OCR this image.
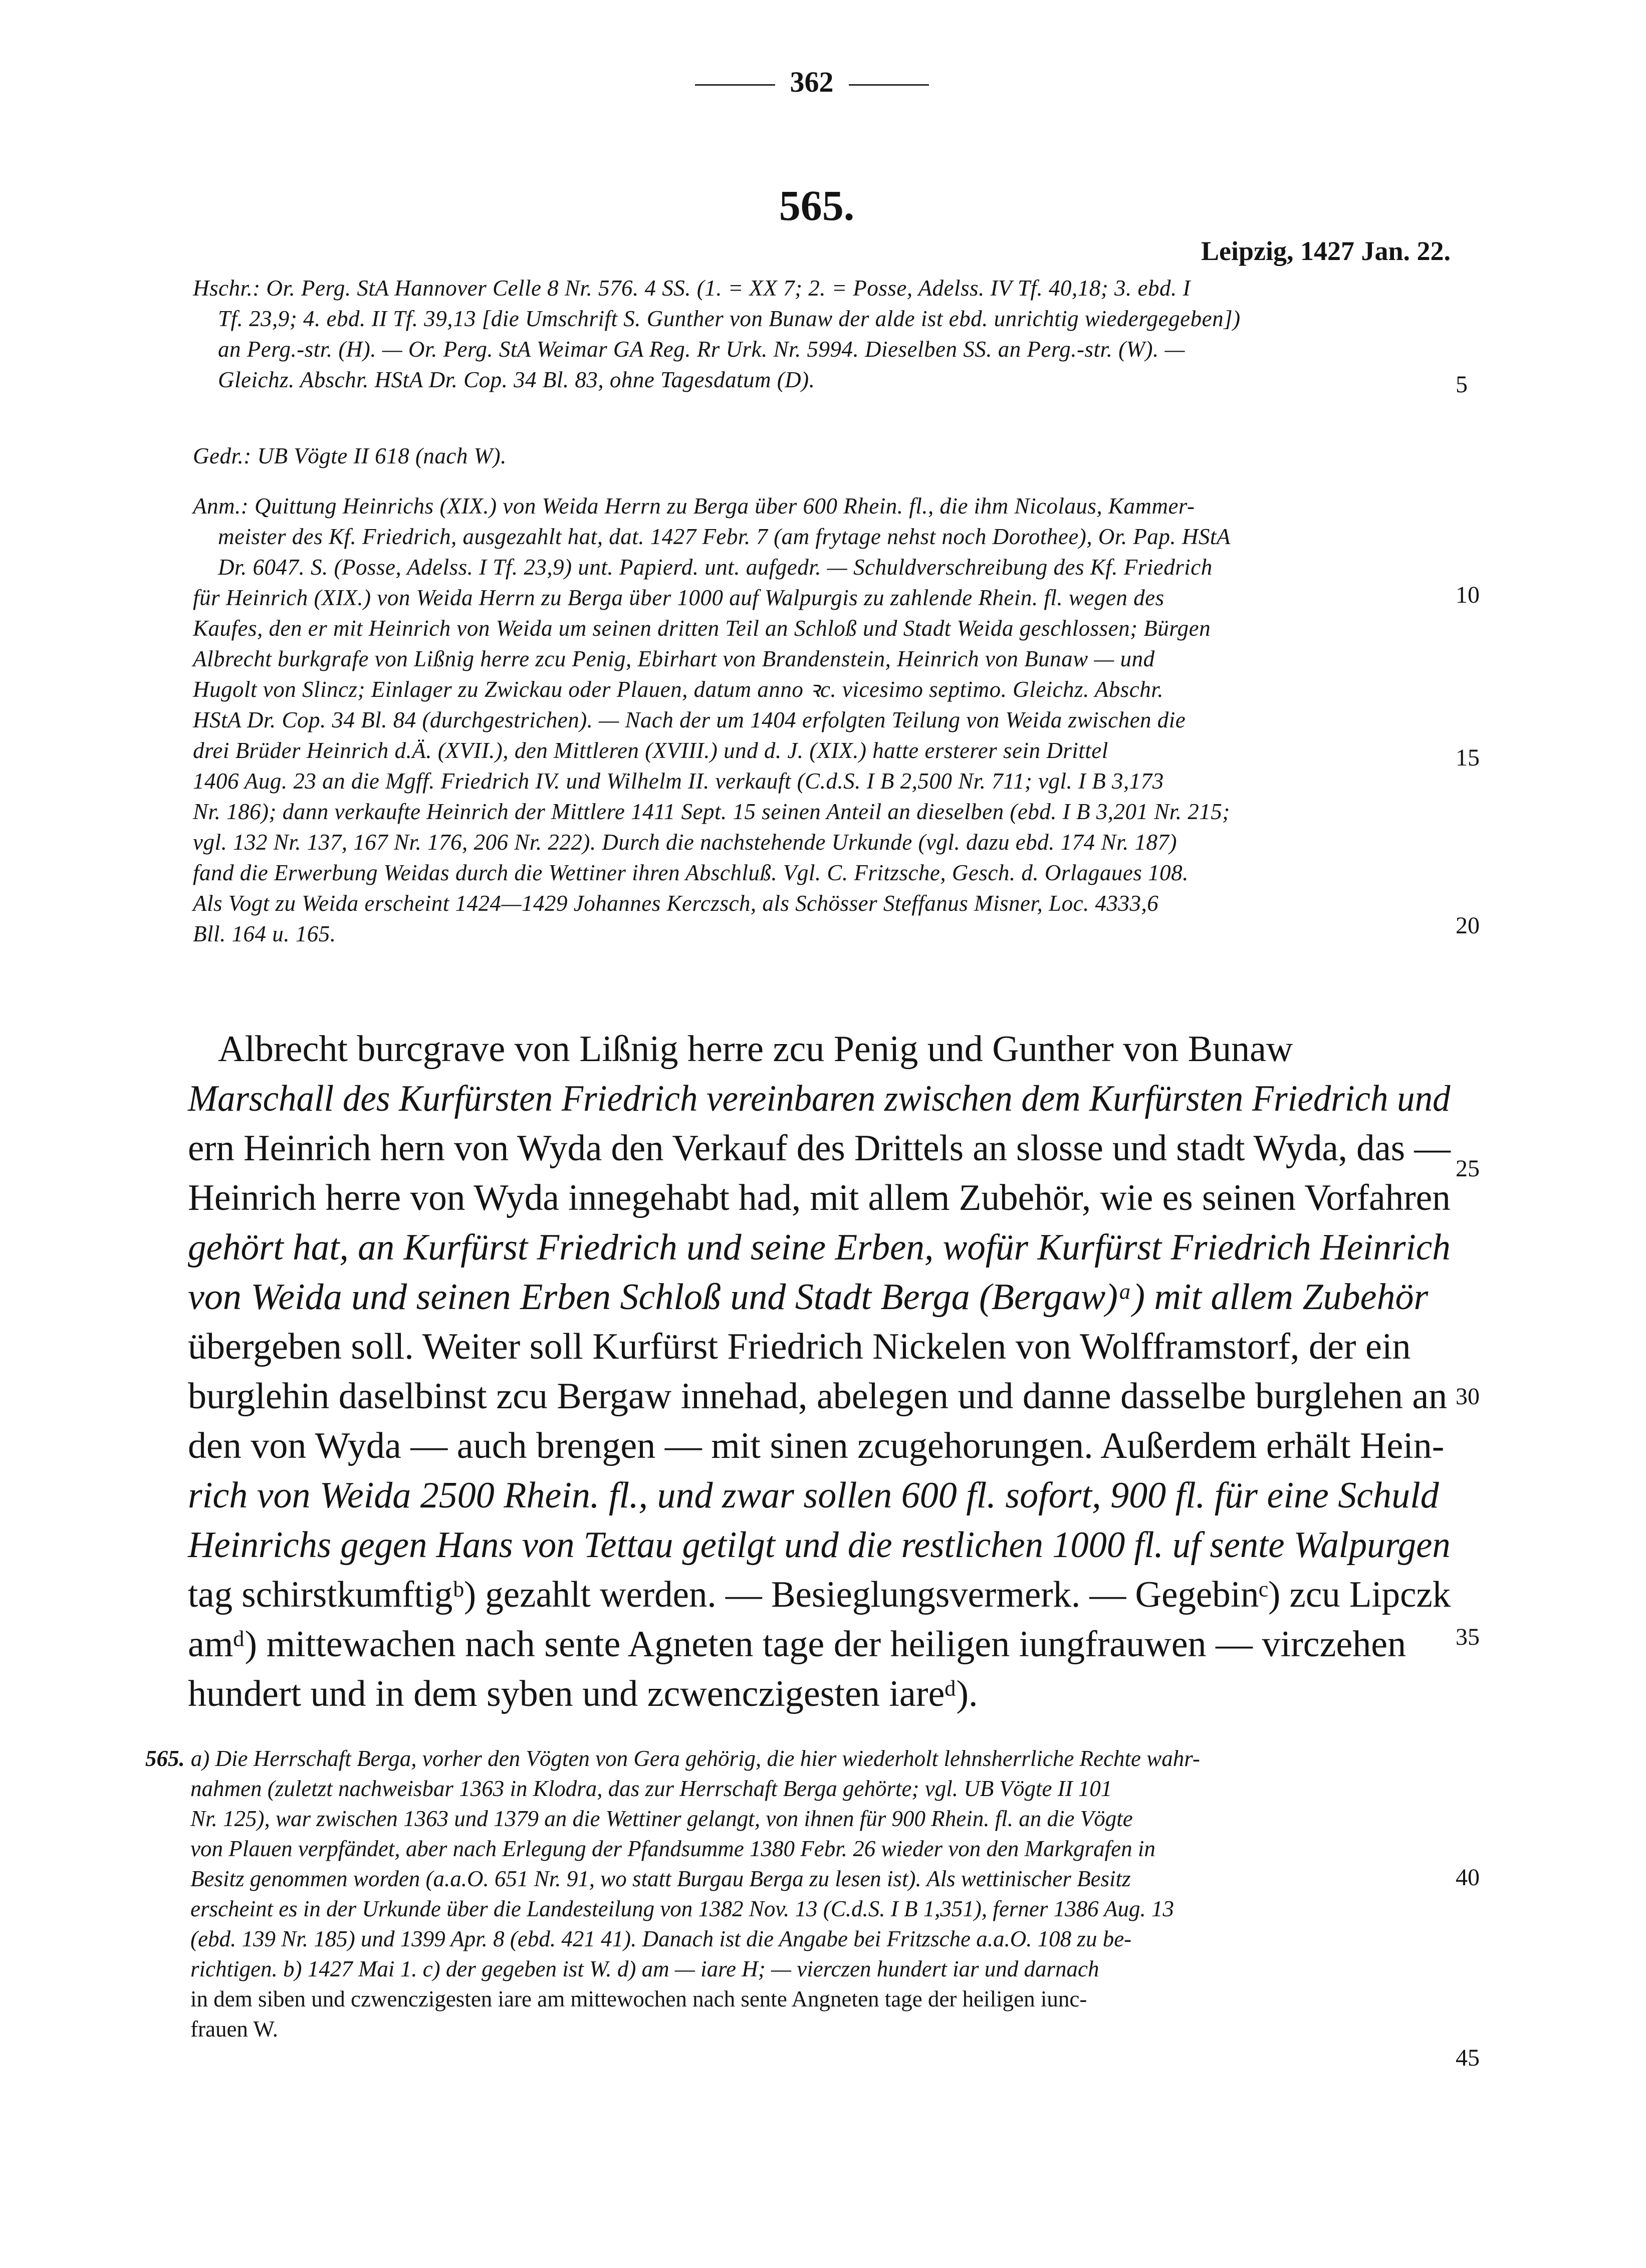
362
565.
Leipzig, 1427 Jan. 22.
Hschr.: Or. Perg. StA Hannover Celle 8 Nr. 576. 4 SS. (1. = XX 7; 2. = Posse, Adelss. IV Tf. 40,18; 3. ebd. I
Tf. 23,9; 4. ebd. II Tf. 39,13 [die Umschrift S. Gunther von Bunaw der alde ist ebd. unrichtig wiedergegeben])
an Perg.-str. (H). — Or. Perg. StA Weimar GA Reg. Rr Urk. Nr. 5994. Dieselben SS. an Perg.-str. (W). —
Gleichz. Abschr. HStA Dr. Cop. 34 Bl. 83, ohne Tagesdatum (D).
Gedr.: UB Vögte II 618 (nach W).
Anm.: Quittung Heinrichs (XIX.) von Weida Herrn zu Berga über 600 Rhein. fl., die ihm Nicolaus, Kammer-
meister des Kf. Friedrich, ausgezahlt hat, dat. 1427 Febr. 7 (am frytage nehst noch Dorothee), Or. Pap. HStA
Dr. 6047. S. (Posse, Adelss. I Tf. 23,9) unt. Papierd. unt. aufgedr. — Schuldverschreibung des Kf. Friedrich
für Heinrich (XIX.) von Weida Herrn zu Berga über 1000 auf Walpurgis zu zahlende Rhein. fl. wegen des
Kaufes, den er mit Heinrich von Weida um seinen dritten Teil an Schloß und Stadt Weida geschlossen; Bürgen
Albrecht burkgrafe von Lißnig herre zcu Penig, Ebirhart von Brandenstein, Heinrich von Bunaw — und
Hugolt von Slincz; Einlager zu Zwickau oder Plauen, datum anno ꝛc. vicesimo septimo. Gleichz. Abschr.
HStA Dr. Cop. 34 Bl. 84 (durchgestrichen). — Nach der um 1404 erfolgten Teilung von Weida zwischen die
drei Brüder Heinrich d.Ä. (XVII.), den Mittleren (XVIII.) und d. J. (XIX.) hatte ersterer sein Drittel
1406 Aug. 23 an die Mgff. Friedrich IV. und Wilhelm II. verkauft (C.d.S. I B 2,500 Nr. 711; vgl. I B 3,173
Nr. 186); dann verkaufte Heinrich der Mittlere 1411 Sept. 15 seinen Anteil an dieselben (ebd. I B 3,201 Nr. 215;
vgl. 132 Nr. 137, 167 Nr. 176, 206 Nr. 222). Durch die nachstehende Urkunde (vgl. dazu ebd. 174 Nr. 187)
fand die Erwerbung Weidas durch die Wettiner ihren Abschluß. Vgl. C. Fritzsche, Gesch. d. Orlagaues 108.
Als Vogt zu Weida erscheint 1424—1429 Johannes Kerczsch, als Schösser Steffanus Misner, Loc. 4333,6
Bll. 164 u. 165.
Albrecht burcgrave von Lißnig herre zcu Penig und Gunther von Bunaw
Marschall des Kurfürsten Friedrich vereinbaren zwischen dem Kurfürsten Friedrich und
ern Heinrich hern von Wyda den Verkauf des Drittels an slosse und stadt Wyda, das —
Heinrich herre von Wyda innegehabt had, mit allem Zubehör, wie es seinen Vorfahren
gehört hat, an Kurfürst Friedrich und seine Erben, wofür Kurfürst Friedrich Heinrich
von Weida und seinen Erben Schloß und Stadt Berga (Bergaw)ᵃ) mit allem Zubehör
übergeben soll. Weiter soll Kurfürst Friedrich Nickelen von Wolfframstorf, der ein
burglehin daselbinst zcu Bergaw innehad, abelegen und danne dasselbe burglehen an
den von Wyda — auch brengen — mit sinen zcugehorungen. Außerdem erhält Hein-
rich von Weida 2500 Rhein. fl., und zwar sollen 600 fl. sofort, 900 fl. für eine Schuld
Heinrichs gegen Hans von Tettau getilgt und die restlichen 1000 fl. uf sente Walpurgen
tag schirstkumftigᵇ) gezahlt werden. — Besieglungsvermerk. — Gegebinᶜ) zcu Lipczk
amᵈ) mittewachen nach sente Agneten tage der heiligen iungfrauwen — virczehen
hundert und in dem syben und zcwenczigesten iareᵈ).
565. a) Die Herrschaft Berga, vorher den Vögten von Gera gehörig, die hier wiederholt lehnsherrliche Rechte wahr-
nahmen (zuletzt nachweisbar 1363 in Klodra, das zur Herrschaft Berga gehörte; vgl. UB Vögte II 101
Nr. 125), war zwischen 1363 und 1379 an die Wettiner gelangt, von ihnen für 900 Rhein. fl. an die Vögte
von Plauen verpfändet, aber nach Erlegung der Pfandsumme 1380 Febr. 26 wieder von den Markgrafen in
Besitz genommen worden (a.a.O. 651 Nr. 91, wo statt Burgau Berga zu lesen ist). Als wettinischer Besitz
erscheint es in der Urkunde über die Landesteilung von 1382 Nov. 13 (C.d.S. I B 1,351), ferner 1386 Aug. 13
(ebd. 139 Nr. 185) und 1399 Apr. 8 (ebd. 421 41). Danach ist die Angabe bei Fritzsche a.a.O. 108 zu be-
richtigen. b) 1427 Mai 1. c) der gegeben ist W. d) am — iare H; — vierczen hundert iar und darnach
in dem siben und czwenczigesten iare am mittewochen nach sente Angneten tage der heiligen iunc-
frauen W.
5
10
15
20
25
30
35
40
45
